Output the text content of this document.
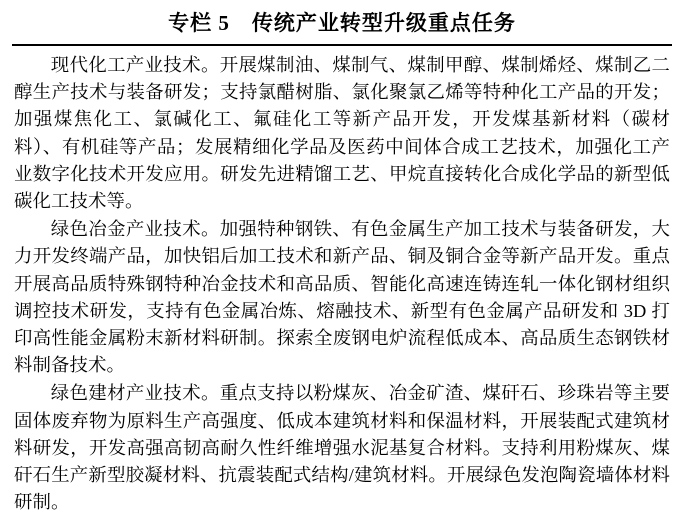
专栏 5 传统产业转型升级重点任务

现代化工产业技术。开展煤制油、煤制气、煤制甲醇、煤制烯烃、煤制乙二醇生产技术与装备研发；支持氯醋树脂、氯化聚氯乙烯等特种化工产品的开发；加强煤焦化工、氯碱化工、氟硅化工等新产品开发，开发煤基新材料（碳材料）、有机硅等产品；发展精细化学品及医药中间体合成工艺技术，加强化工产业数字化技术开发应用。研发先进精馏工艺、甲烷直接转化合成化学品的新型低碳化工技术等。

绿色冶金产业技术。加强特种钢铁、有色金属生产加工技术与装备研发，大力开发终端产品，加快铝后加工技术和新产品、铜及铜合金等新产品开发。重点开展高品质特殊钢特种冶金技术和高品质、智能化高速连铸连轧一体化钢材组织调控技术研发，支持有色金属冶炼、熔融技术、新型有色金属产品研发和 3D 打印高性能金属粉末新材料研制。探索全废钢电炉流程低成本、高品质生态钢铁材料制备技术。

绿色建材产业技术。重点支持以粉煤灰、冶金矿渣、煤矸石、珍珠岩等主要固体废弃物为原料生产高强度、低成本建筑材料和保温材料，开展装配式建筑材料研发，开发高强高韧高耐久性纤维增强水泥基复合材料。支持利用粉煤灰、煤矸石生产新型胶凝材料、抗震装配式结构/建筑材料。开展绿色发泡陶瓷墙体材料研制。
